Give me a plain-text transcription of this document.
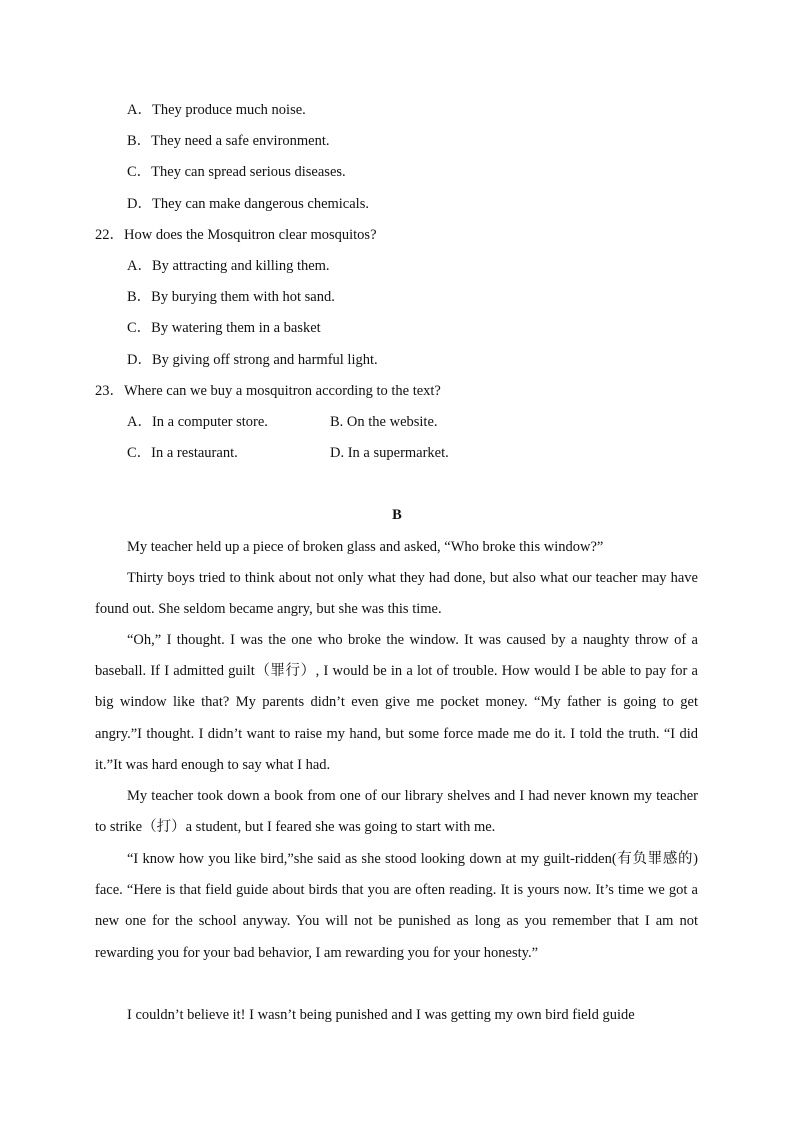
A．They produce much noise.
B．They need a safe environment.
C．They can spread serious diseases.
D．They can make dangerous chemicals.
22．How does the Mosquitron clear mosquitos?
A．By attracting and killing them.
B．By burying them with hot sand.
C．By watering them in a basket
D．By giving off strong and harmful light.
23．Where can we buy a mosquitron according to the text?
A．In a computer store.	B. On the website.
C．In a restaurant.	D. In a supermarket.
B
My teacher held up a piece of broken glass and asked, “Who broke this window?”
Thirty boys tried to think about not only what they had done, but also what our teacher may have found out. She seldom became angry, but she was this time.
“Oh,” I thought. I was the one who broke the window. It was caused by a naughty throw of a baseball. If I admitted guilt（罪行）, I would be in a lot of trouble. How would I be able to pay for a big window like that? My parents didn’t even give me pocket money. “My father is going to get angry.”I thought. I didn’t want to raise my hand, but some force made me do it. I told the truth. “I did it.”It was hard enough to say what I had.
My teacher took down a book from one of our library shelves and I had never known my teacher to strike（打）a student, but I feared she was going to start with me.
“I know how you like bird,”she said as she stood looking down at my guilt-ridden(有负罪感的) face. “Here is that field guide about birds that you are often reading. It is yours now. It’s time we got a new one for the school anyway. You will not be punished as long as you remember that I am not rewarding you for your bad behavior, I am rewarding you for your honesty.”
I couldn’t believe it! I wasn’t being punished and I was getting my own bird field guide
